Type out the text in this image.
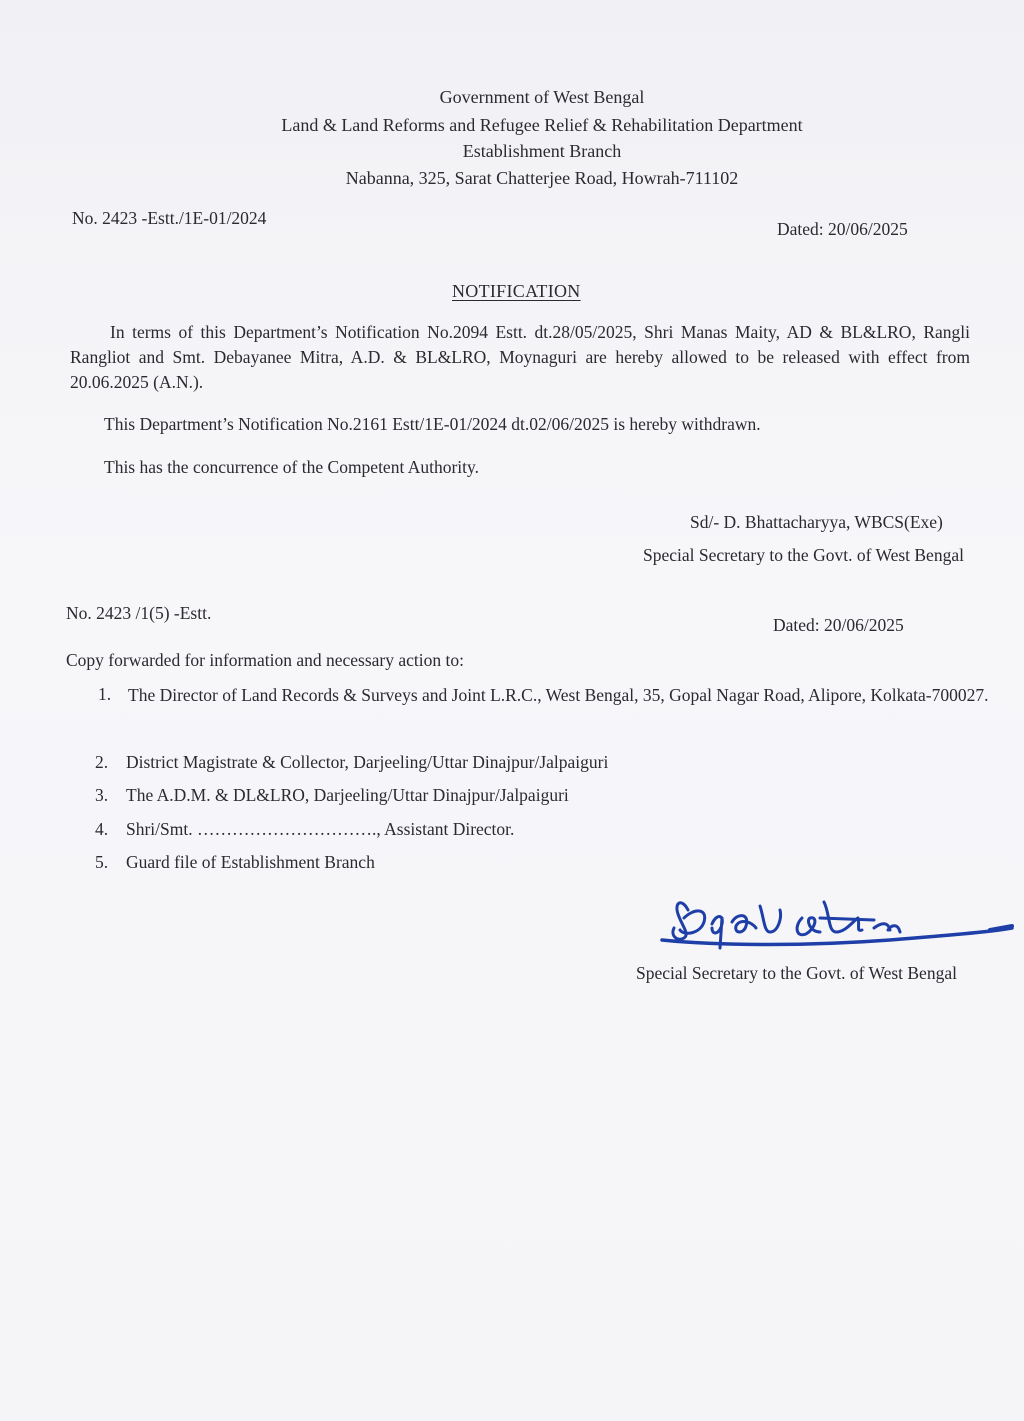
Government of West Bengal
Land & Land Reforms and Refugee Relief & Rehabilitation Department
Establishment Branch
Nabanna, 325, Sarat Chatterjee Road, Howrah-711102
No. 2423 -Estt./1E-01/2024
Dated: 20/06/2025
NOTIFICATION
In terms of this Department’s Notification No.2094 Estt. dt.28/05/2025, Shri Manas Maity, AD & BL&LRO, Rangli Rangliot and Smt. Debayanee Mitra, A.D. & BL&LRO, Moynaguri are hereby allowed to be released with effect from 20.06.2025 (A.N.).
This Department’s Notification No.2161 Estt/1E-01/2024 dt.02/06/2025 is hereby withdrawn.
This has the concurrence of the Competent Authority.
Sd/- D. Bhattacharyya, WBCS(Exe)
Special Secretary to the Govt. of West Bengal
No. 2423 /1(5) -Estt.
Dated: 20/06/2025
Copy forwarded for information and necessary action to:
1. The Director of Land Records & Surveys and Joint L.R.C., West Bengal, 35, Gopal Nagar Road, Alipore, Kolkata-700027.
2. District Magistrate & Collector, Darjeeling/Uttar Dinajpur/Jalpaiguri
3. The A.D.M. & DL&LRO, Darjeeling/Uttar Dinajpur/Jalpaiguri
4. Shri/Smt. …………………………., Assistant Director.
5. Guard file of Establishment Branch
Special Secretary to the Govt. of West Bengal
